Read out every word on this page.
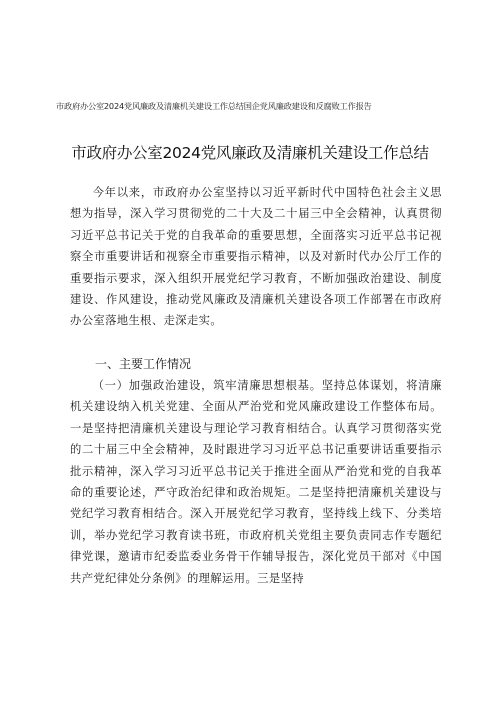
市政府办公室2024党风廉政及清廉机关建设工作总结国企党风廉政建设和反腐败工作报告
市政府办公室2024党风廉政及清廉机关建设工作总结

今年以来，市政府办公室坚持以习近平新时代中国特色社会主义思想为指导，深入学习贯彻党的二十大及二十届三中全会精神，认真贯彻习近平总书记关于党的自我革命的重要思想，全面落实习近平总书记视察全市重要讲话和视察全市重要指示精神，以及对新时代办公厅工作的重要指示要求，深入组织开展党纪学习教育，不断加强政治建设、制度建设、作风建设，推动党风廉政及清廉机关建设各项工作部署在市政府办公室落地生根、走深走实。

一、主要工作情况

（一）加强政治建设，筑牢清廉思想根基。坚持总体谋划，将清廉机关建设纳入机关党建、全面从严治党和党风廉政建设工作整体布局。一是坚持把清廉机关建设与理论学习教育相结合。认真学习贯彻落实党的二十届三中全会精神，及时跟进学习习近平总书记重要讲话重要指示批示精神，深入学习习近平总书记关于推进全面从严治党和党的自我革命的重要论述，严守政治纪律和政治规矩。二是坚持把清廉机关建设与党纪学习教育相结合。深入开展党纪学习教育，坚持线上线下、分类培训，举办党纪学习教育读书班，市政府机关党组主要负责同志作专题纪律党课，邀请市纪委监委业务骨干作辅导报告，深化党员干部对《中国共产党纪律处分条例》的理解运用。三是坚持
